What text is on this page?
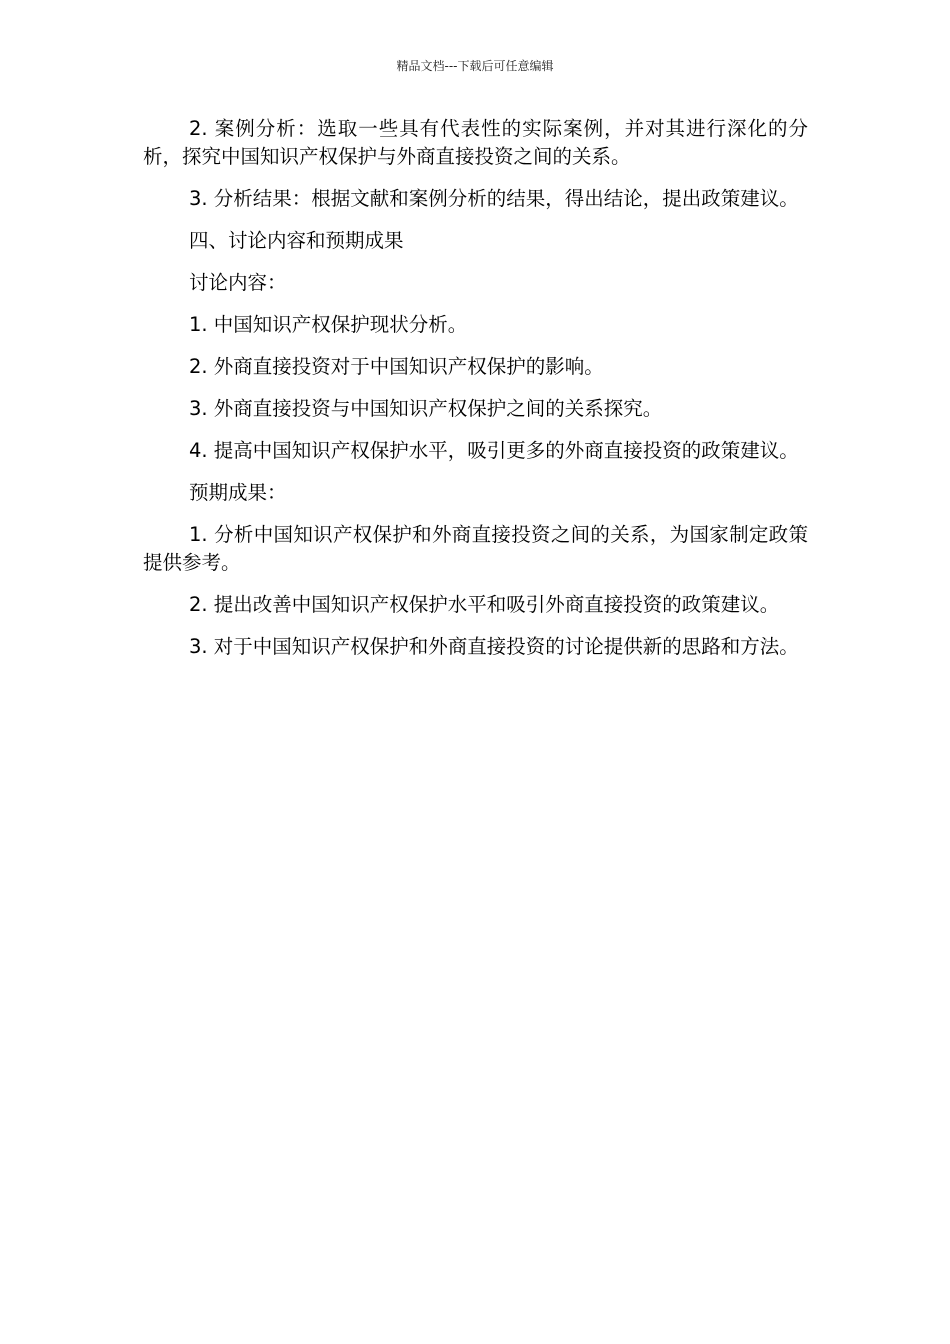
精品文档---下载后可任意编辑

2. 案例分析：选取一些具有代表性的实际案例，并对其进行深化的分析，探究中国知识产权保护与外商直接投资之间的关系。

3. 分析结果：根据文献和案例分析的结果，得出结论，提出政策建议。

四、讨论内容和预期成果

讨论内容：

1. 中国知识产权保护现状分析。

2. 外商直接投资对于中国知识产权保护的影响。

3. 外商直接投资与中国知识产权保护之间的关系探究。

4. 提高中国知识产权保护水平，吸引更多的外商直接投资的政策建议。

预期成果：

1. 分析中国知识产权保护和外商直接投资之间的关系，为国家制定政策提供参考。

2. 提出改善中国知识产权保护水平和吸引外商直接投资的政策建议。

3. 对于中国知识产权保护和外商直接投资的讨论提供新的思路和方法。
